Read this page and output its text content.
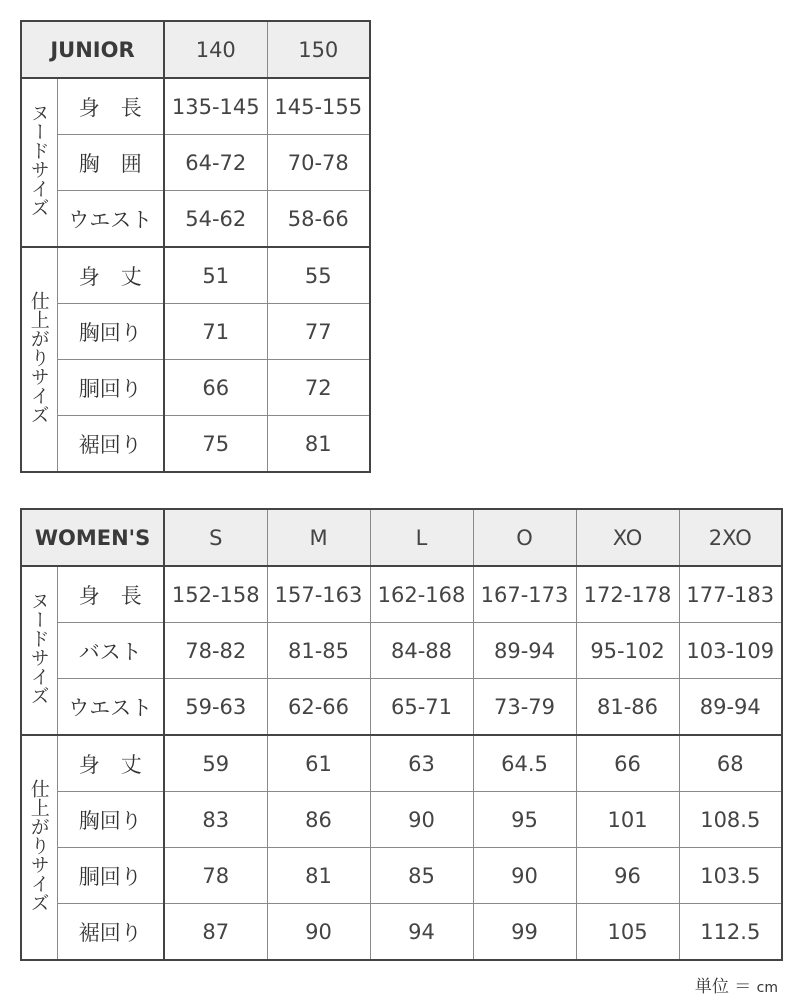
JUNIOR		140	150
ヌードサイズ	身　長	135-145	145-155
	胸　囲	64-72	70-78
	ウエスト	54-62	58-66
仕上がりサイズ	身　丈	51	55
	胸回り	71	77
	胴回り	66	72
	裾回り	75	81
WOMEN'S		S	M	L	O	XO	2XO
ヌードサイズ	身　長	152-158	157-163	162-168	167-173	172-178	177-183
	バスト	78-82	81-85	84-88	89-94	95-102	103-109
	ウエスト	59-63	62-66	65-71	73-79	81-86	89-94
仕上がりサイズ	身　丈	59	61	63	64.5	66	68
	胸回り	83	86	90	95	101	108.5
	胴回り	78	81	85	90	96	103.5
	裾回り	87	90	94	99	105	112.5
単位 ＝ cm
